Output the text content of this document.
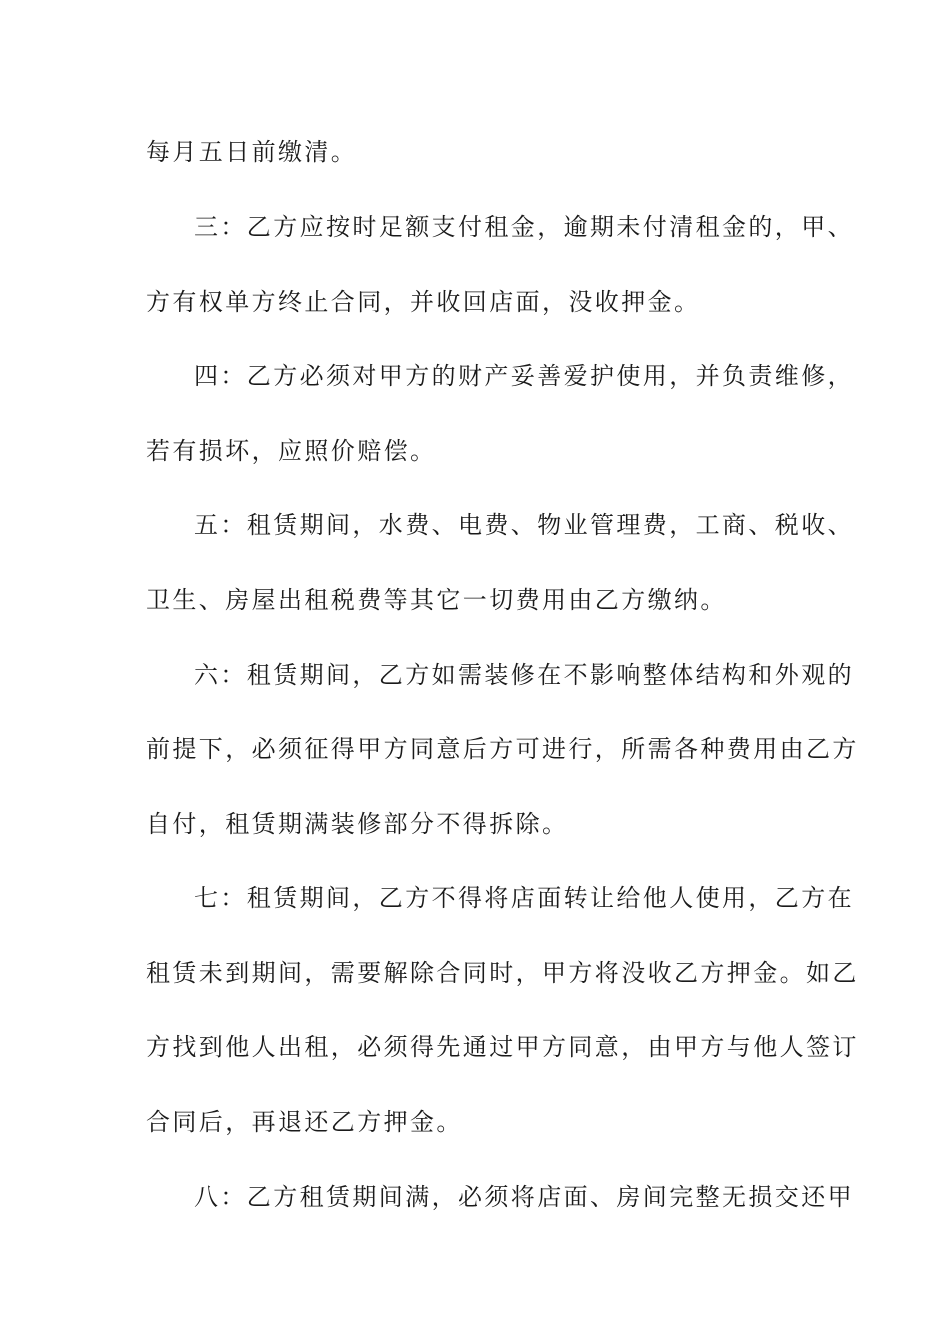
每月五日前缴清。
三：乙方应按时足额支付租金，逾期未付清租金的，甲、
方有权单方终止合同，并收回店面，没收押金。
四：乙方必须对甲方的财产妥善爱护使用，并负责维修，
若有损坏，应照价赔偿。
五：租赁期间，水费、电费、物业管理费，工商、税收、
卫生、房屋出租税费等其它一切费用由乙方缴纳。
六：租赁期间，乙方如需装修在不影响整体结构和外观的
前提下，必须征得甲方同意后方可进行，所需各种费用由乙方
自付，租赁期满装修部分不得拆除。
七：租赁期间，乙方不得将店面转让给他人使用，乙方在
租赁未到期间，需要解除合同时，甲方将没收乙方押金。如乙
方找到他人出租，必须得先通过甲方同意，由甲方与他人签订
合同后，再退还乙方押金。
八：乙方租赁期间满，必须将店面、房间完整无损交还甲
